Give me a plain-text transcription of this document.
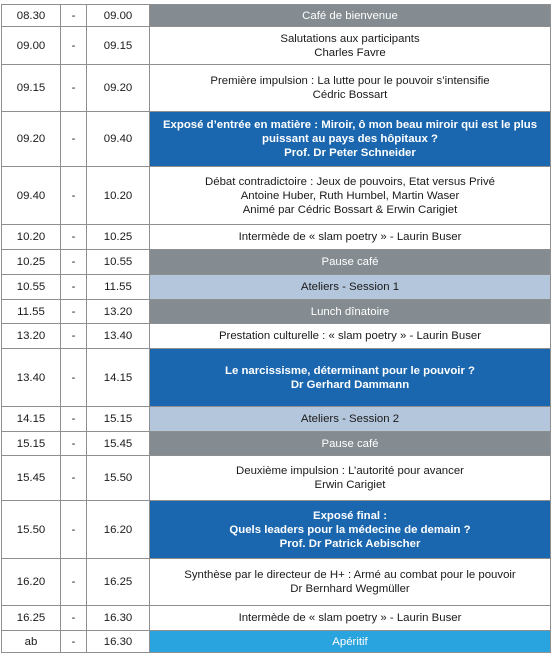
08.30	-	09.00	Café de bienvenue

09.00	-	09.15	Salutations aux participants
Charles Favre

09.15	-	09.20	Première impulsion : La lutte pour le pouvoir s’intensifie
Cédric Bossart

09.20	-	09.40	Exposé d’entrée en matière : Miroir, ô mon beau miroir qui est le plus
puissant au pays des hôpitaux ?
Prof. Dr Peter Schneider

09.40	-	10.20	Débat contradictoire : Jeux de pouvoirs, Etat versus Privé
Antoine Huber, Ruth Humbel, Martin Waser
Animé par Cédric Bossart & Erwin Carigiet

10.20	-	10.25	Intermède de « slam poetry » - Laurin Buser

10.25	-	10.55	Pause café

10.55	-	11.55	Ateliers - Session 1

11.55	-	13.20	Lunch dînatoire

13.20	-	13.40	Prestation culturelle : « slam poetry » - Laurin Buser

13.40	-	14.15	Le narcissisme, déterminant pour le pouvoir ?
Dr Gerhard Dammann

14.15	-	15.15	Ateliers - Session 2

15.15	-	15.45	Pause café

15.45	-	15.50	Deuxième impulsion : L’autorité pour avancer
Erwin Carigiet

15.50	-	16.20	Exposé final :
Quels leaders pour la médecine de demain ?
Prof. Dr Patrick Aebischer

16.20	-	16.25	Synthèse par le directeur de H+ : Armé au combat pour le pouvoir
Dr Bernhard Wegmüller

16.25	-	16.30	Intermède de « slam poetry » - Laurin Buser

ab	-	16.30	Apéritif
